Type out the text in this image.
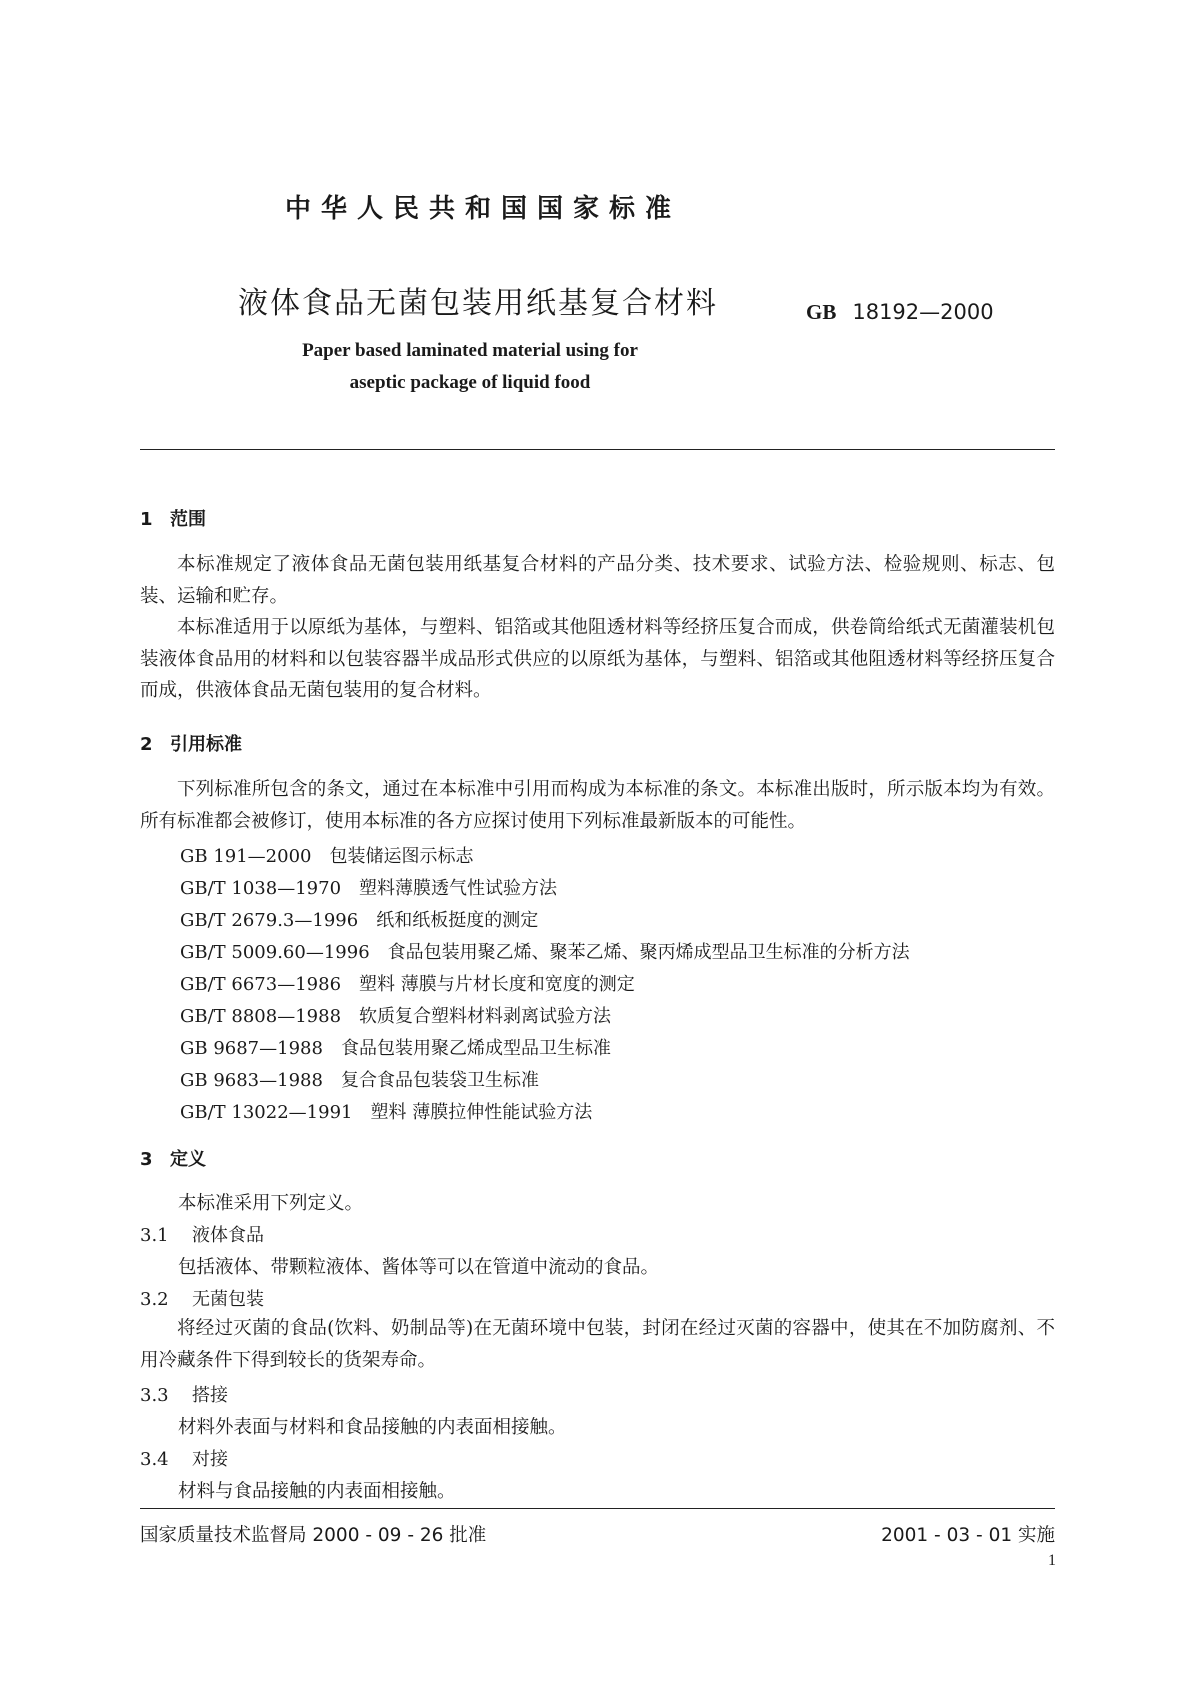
中华人民共和国国家标准
液体食品无菌包装用纸基复合材料	GB 18192—2000
Paper based laminated material using for
aseptic package of liquid food
1 范围

本标准规定了液体食品无菌包装用纸基复合材料的产品分类、技术要求、试验方法、检验规则、标志、包装、运输和贮存。

本标准适用于以原纸为基体，与塑料、铝箔或其他阻透材料等经挤压复合而成，供卷筒给纸式无菌灌装机包装液体食品用的材料和以包装容器半成品形式供应的以原纸为基体，与塑料、铝箔或其他阻透材料等经挤压复合而成，供液体食品无菌包装用的复合材料。

2 引用标准

下列标准所包含的条文，通过在本标准中引用而构成为本标准的条文。本标准出版时，所示版本均为有效。所有标准都会被修订，使用本标准的各方应探讨使用下列标准最新版本的可能性。

GB 191—2000 包装储运图示标志
GB/T 1038—1970 塑料薄膜透气性试验方法
GB/T 2679.3—1996 纸和纸板挺度的测定
GB/T 5009.60—1996 食品包装用聚乙烯、聚苯乙烯、聚丙烯成型品卫生标准的分析方法
GB/T 6673—1986 塑料 薄膜与片材长度和宽度的测定
GB/T 8808—1988 软质复合塑料材料剥离试验方法
GB 9687—1988 食品包装用聚乙烯成型品卫生标准
GB 9683—1988 复合食品包装袋卫生标准
GB/T 13022—1991 塑料 薄膜拉伸性能试验方法
3 定义
本标准采用下列定义。
3.1 液体食品
包括液体、带颗粒液体、酱体等可以在管道中流动的食品。
3.2 无菌包装

将经过灭菌的食品(饮料、奶制品等)在无菌环境中包装，封闭在经过灭菌的容器中，使其在不加防腐剂、不用冷藏条件下得到较长的货架寿命。

3.3 搭接
材料外表面与材料和食品接触的内表面相接触。
3.4 对接
材料与食品接触的内表面相接触。
国家质量技术监督局 2000 - 09 - 26 批准	2001 - 03 - 01 实施
1
